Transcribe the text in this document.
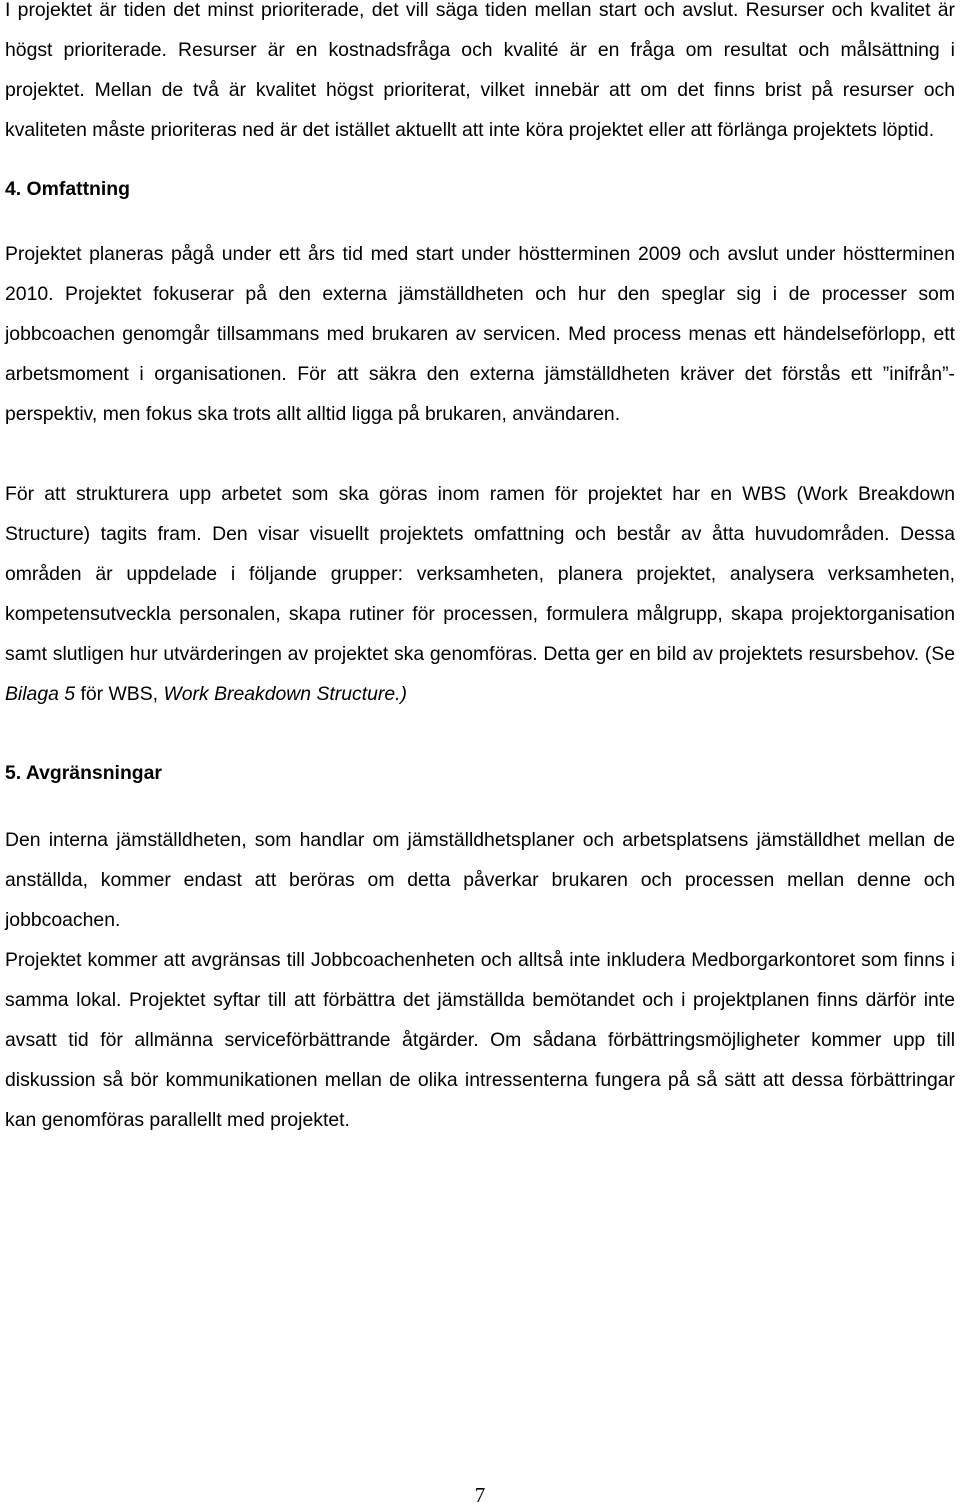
I projektet är tiden det minst prioriterade, det vill säga tiden mellan start och avslut. Resurser och kvalitet är högst prioriterade. Resurser är en kostnadsfråga och kvalité är en fråga om resultat och målsättning i projektet. Mellan de två är kvalitet högst prioriterat, vilket innebär att om det finns brist på resurser och kvaliteten måste prioriteras ned är det istället aktuellt att inte köra projektet eller att förlänga projektets löptid.

4. Omfattning

Projektet planeras pågå under ett års tid med start under höstterminen 2009 och avslut under höstterminen 2010. Projektet fokuserar på den externa jämställdheten och hur den speglar sig i de processer som jobbcoachen genomgår tillsammans med brukaren av servicen. Med process menas ett händelseförlopp, ett arbetsmoment i organisationen. För att säkra den externa jämställdheten kräver det förstås ett ”inifrån”-perspektiv, men fokus ska trots allt alltid ligga på brukaren, användaren.

För att strukturera upp arbetet som ska göras inom ramen för projektet har en WBS (Work Breakdown Structure) tagits fram. Den visar visuellt projektets omfattning och består av åtta huvudområden. Dessa områden är uppdelade i följande grupper: verksamheten, planera projektet, analysera verksamheten, kompetensutveckla personalen, skapa rutiner för processen, formulera målgrupp, skapa projektorganisation samt slutligen hur utvärderingen av projektet ska genomföras. Detta ger en bild av projektets resursbehov. (Se Bilaga 5 för WBS, Work Breakdown Structure.)

5. Avgränsningar

Den interna jämställdheten, som handlar om jämställdhetsplaner och arbetsplatsens jämställdhet mellan de anställda, kommer endast att beröras om detta påverkar brukaren och processen mellan denne och jobbcoachen.

Projektet kommer att avgränsas till Jobbcoachenheten och alltså inte inkludera Medborgarkontoret som finns i samma lokal. Projektet syftar till att förbättra det jämställda bemötandet och i projektplanen finns därför inte avsatt tid för allmänna serviceförbättrande åtgärder. Om sådana förbättringsmöjligheter kommer upp till diskussion så bör kommunikationen mellan de olika intressenterna fungera på så sätt att dessa förbättringar kan genomföras parallellt med projektet.

7
